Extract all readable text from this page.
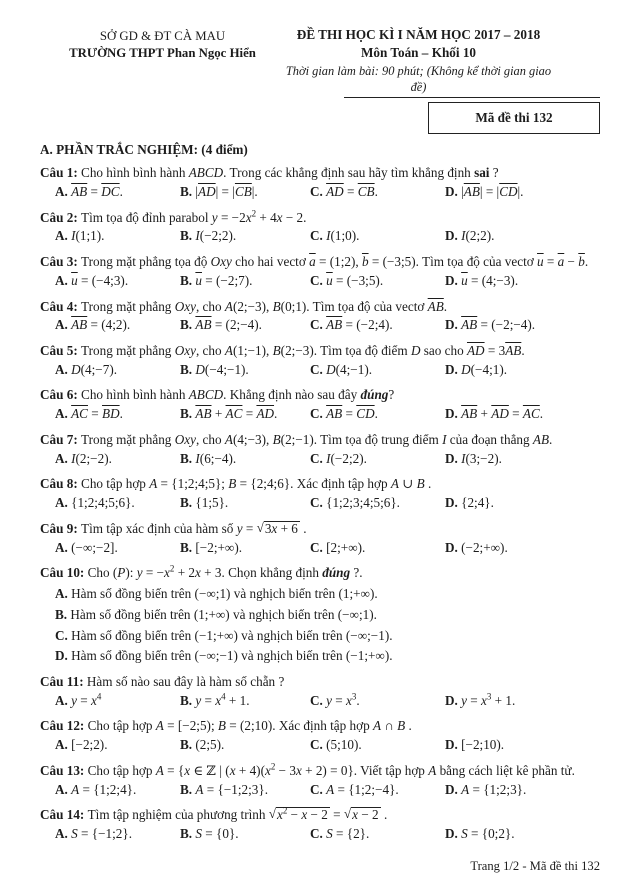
SỞ GD & ĐT CÀ MAU
TRƯỜNG THPT Phan Ngọc Hiển
ĐỀ THI HỌC KÌ I NĂM HỌC 2017 – 2018
Môn Toán – Khối 10
Thời gian làm bài: 90 phút; (Không kể thời gian giao đề)
Mã đề thi 132
A. PHẦN TRẮC NGHIỆM: (4 điểm)
Câu 1: Cho hình bình hành ABCD. Trong các khẳng định sau hãy tìm khẳng định sai ?
A. $\overline{AB} = \overline{DC}$.	B. $|\overline{AD}| = |\overline{CB}|$.	C. $\overline{AD} = \overline{CB}$.	D. $|\overline{AB}| = |\overline{CD}|$.
Câu 2: Tìm tọa độ đỉnh parabol $y = -2x^2 + 4x - 2$.
A. I(1;1).	B. I(−2;2).	C. I(1;0).	D. I(2;2).
Câu 3: Trong mặt phẳng tọa độ Oxy cho hai vectơ $\overline{a}$ = (1;2), $\overline{b}$ = (−3;5). Tìm tọa độ của vectơ $\overline{u} = \overline{a} - \overline{b}$.
A. $\overline{u}$ = (−4;3).	B. $\overline{u}$ = (−2;7).	C. $\overline{u}$ = (−3;5).	D. $\overline{u}$ = (4;−3).
Câu 4: Trong mặt phẳng Oxy, cho A(2;−3), B(0;1). Tìm tọa độ của vectơ $\overline{AB}$.
A. $\overline{AB}$ = (4;2).	B. $\overline{AB}$ = (2;−4).	C. $\overline{AB}$ = (−2;4).	D. $\overline{AB}$ = (−2;−4).
Câu 5: Trong mặt phẳng Oxy, cho A(1;−1), B(2;−3). Tìm tọa độ điểm D sao cho $\overline{AD} = 3\overline{AB}$.
A. D(4;−7).	B. D(−4;−1).	C. D(4;−1).	D. D(−4;1).
Câu 6: Cho hình bình hành ABCD. Khẳng định nào sau đây đúng?
A. $\overline{AC} = \overline{BD}$.	B. $\overline{AB} + \overline{AC} = \overline{AD}$.	C. $\overline{AB} = \overline{CD}$.	D. $\overline{AB} + \overline{AD} = \overline{AC}$.
Câu 7: Trong mặt phẳng Oxy, cho A(4;−3), B(2;−1). Tìm tọa độ trung điểm I của đoạn thẳng AB.
A. I(2;−2).	B. I(6;−4).	C. I(−2;2).	D. I(3;−2).
Câu 8: Cho tập hợp A = {1;2;4;5}; B = {2;4;6}. Xác định tập hợp A ∪ B .
A. {1;2;4;5;6}.	B. {1;5}.	C. {1;2;3;4;5;6}.	D. {2;4}.
Câu 9: Tìm tập xác định của hàm số y = √3x + 6 .
A. (−∞;−2].	B. [−2;+∞).	C. [2;+∞).	D. (−2;+∞).
Câu 10: Cho (P): $y = -x^2 + 2x + 3$. Chọn khẳng định đúng ?.
A. Hàm số đồng biến trên (−∞;1) và nghịch biến trên (1;+∞).
B. Hàm số đồng biến trên (1;+∞) và nghịch biến trên (−∞;1).
C. Hàm số đồng biến trên (−1;+∞) và nghịch biến trên (−∞;−1).
D. Hàm số đồng biến trên (−∞;−1) và nghịch biến trên (−1;+∞).
Câu 11: Hàm số nào sau đây là hàm số chẵn ?
A. $y = x^4$	B. $y = x^4 + 1$.	C. $y = x^3$.	D. $y = x^3 + 1$.
Câu 12: Cho tập hợp A = [−2;5); B = (2;10). Xác định tập hợp A ∩ B .
A. [−2;2).	B. (2;5).	C. (5;10).	D. [−2;10).
Câu 13: Cho tập hợp A = {x ∈ ℤ | $(x + 4)(x^2 - 3x + 2) = 0$}. Viết tập hợp A bằng cách liệt kê phần tử.
A. A = {1;2;4}.	B. A = {−1;2;3}.	C. A = {1;2;−4}.	D. A = {1;2;3}.
Câu 14: Tìm tập nghiệm của phương trình $√x^2 - x - 2 = √x - 2$ .
A. S = {−1;2}.	B. S = {0}.	C. S = {2}.	D. S = {0;2}.
Trang 1/2 - Mã đề thi 132
